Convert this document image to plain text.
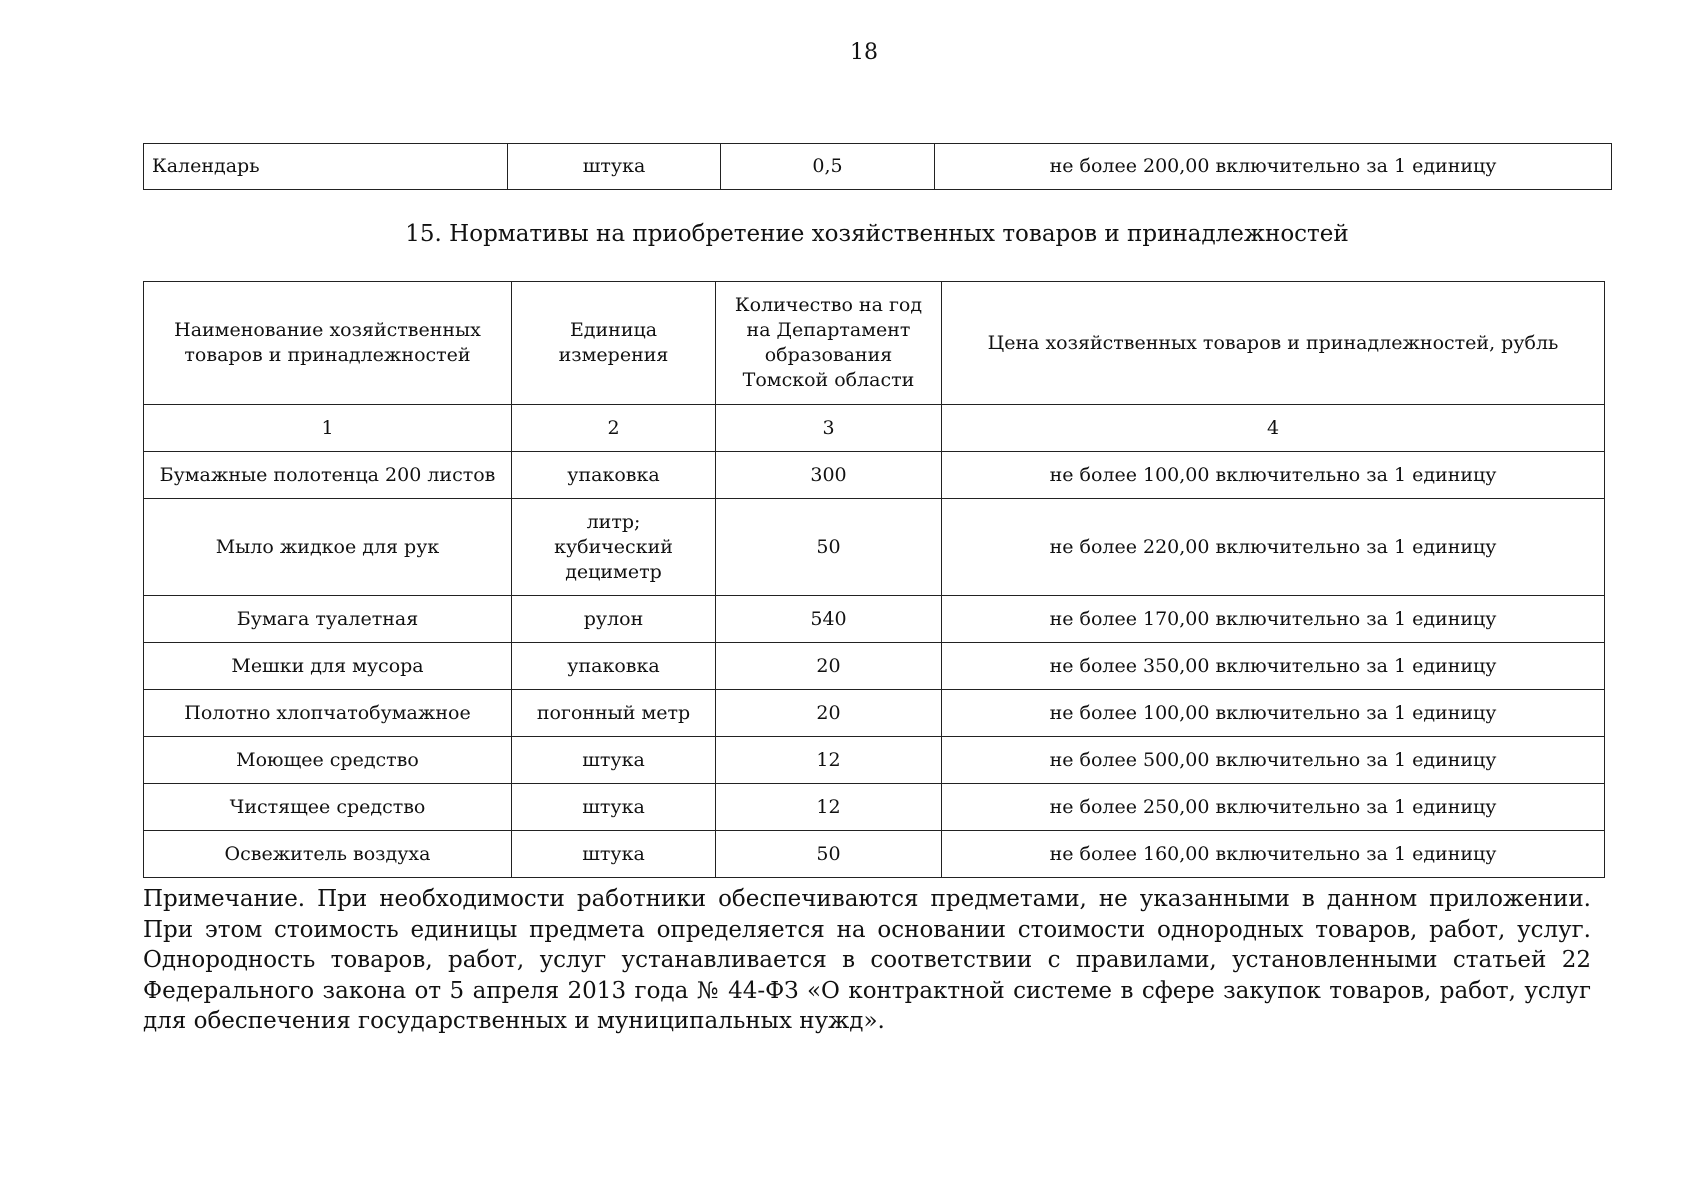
18
Календарь	штука	0,5	не более 200,00 включительно за 1 единицу
15. Нормативы на приобретение хозяйственных товаров и принадлежностей
Наименование хозяйственных товаров и принадлежностей	Единица измерения	Количество на год на Департамент образования Томской области	Цена хозяйственных товаров и принадлежностей, рубль
1	2	3	4
Бумажные полотенца 200 листов	упаковка	300	не более 100,00 включительно за 1 единицу
Мыло жидкое для рук	литр; кубический дециметр	50	не более 220,00 включительно за 1 единицу
Бумага туалетная	рулон	540	не более 170,00 включительно за 1 единицу
Мешки для мусора	упаковка	20	не более 350,00 включительно за 1 единицу
Полотно хлопчатобумажное	погонный метр	20	не более 100,00 включительно за 1 единицу
Моющее средство	штука	12	не более 500,00 включительно за 1 единицу
Чистящее средство	штука	12	не более 250,00 включительно за 1 единицу
Освежитель воздуха	штука	50	не более 160,00 включительно за 1 единицу
Примечание. При необходимости работники обеспечиваются предметами, не указанными в данном приложении. При этом стоимость единицы предмета определяется на основании стоимости однородных товаров, работ, услуг. Однородность товаров, работ, услуг устанавливается в соответствии с правилами, установленными статьей 22 Федерального закона от 5 апреля 2013 года № 44-ФЗ «О контрактной системе в сфере закупок товаров, работ, услуг для обеспечения государственных и муниципальных нужд».
